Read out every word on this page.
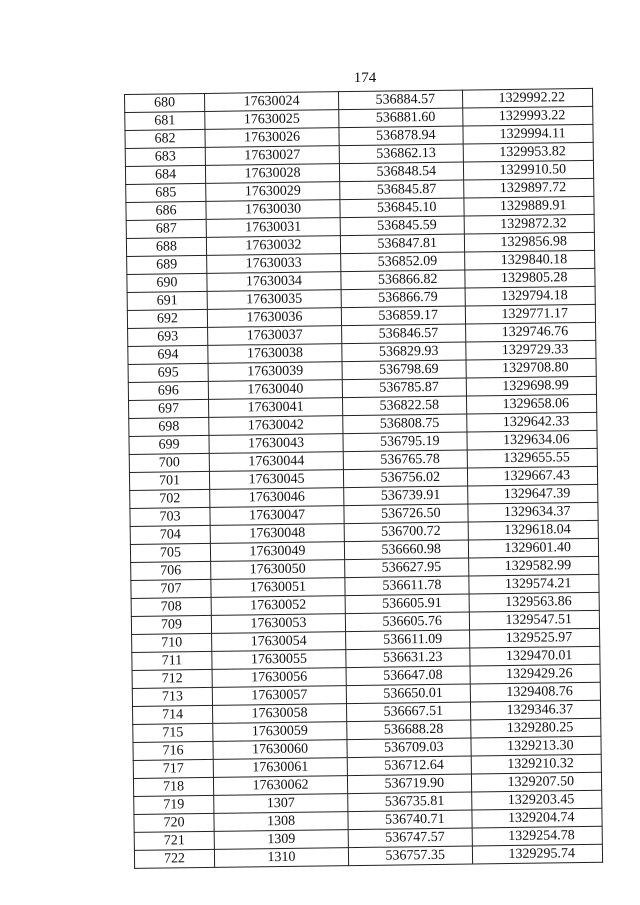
174
680	17630024	536884.57	1329992.22
681	17630025	536881.60	1329993.22
682	17630026	536878.94	1329994.11
683	17630027	536862.13	1329953.82
684	17630028	536848.54	1329910.50
685	17630029	536845.87	1329897.72
686	17630030	536845.10	1329889.91
687	17630031	536845.59	1329872.32
688	17630032	536847.81	1329856.98
689	17630033	536852.09	1329840.18
690	17630034	536866.82	1329805.28
691	17630035	536866.79	1329794.18
692	17630036	536859.17	1329771.17
693	17630037	536846.57	1329746.76
694	17630038	536829.93	1329729.33
695	17630039	536798.69	1329708.80
696	17630040	536785.87	1329698.99
697	17630041	536822.58	1329658.06
698	17630042	536808.75	1329642.33
699	17630043	536795.19	1329634.06
700	17630044	536765.78	1329655.55
701	17630045	536756.02	1329667.43
702	17630046	536739.91	1329647.39
703	17630047	536726.50	1329634.37
704	17630048	536700.72	1329618.04
705	17630049	536660.98	1329601.40
706	17630050	536627.95	1329582.99
707	17630051	536611.78	1329574.21
708	17630052	536605.91	1329563.86
709	17630053	536605.76	1329547.51
710	17630054	536611.09	1329525.97
711	17630055	536631.23	1329470.01
712	17630056	536647.08	1329429.26
713	17630057	536650.01	1329408.76
714	17630058	536667.51	1329346.37
715	17630059	536688.28	1329280.25
716	17630060	536709.03	1329213.30
717	17630061	536712.64	1329210.32
718	17630062	536719.90	1329207.50
719	1307	536735.81	1329203.45
720	1308	536740.71	1329204.74
721	1309	536747.57	1329254.78
722	1310	536757.35	1329295.74
